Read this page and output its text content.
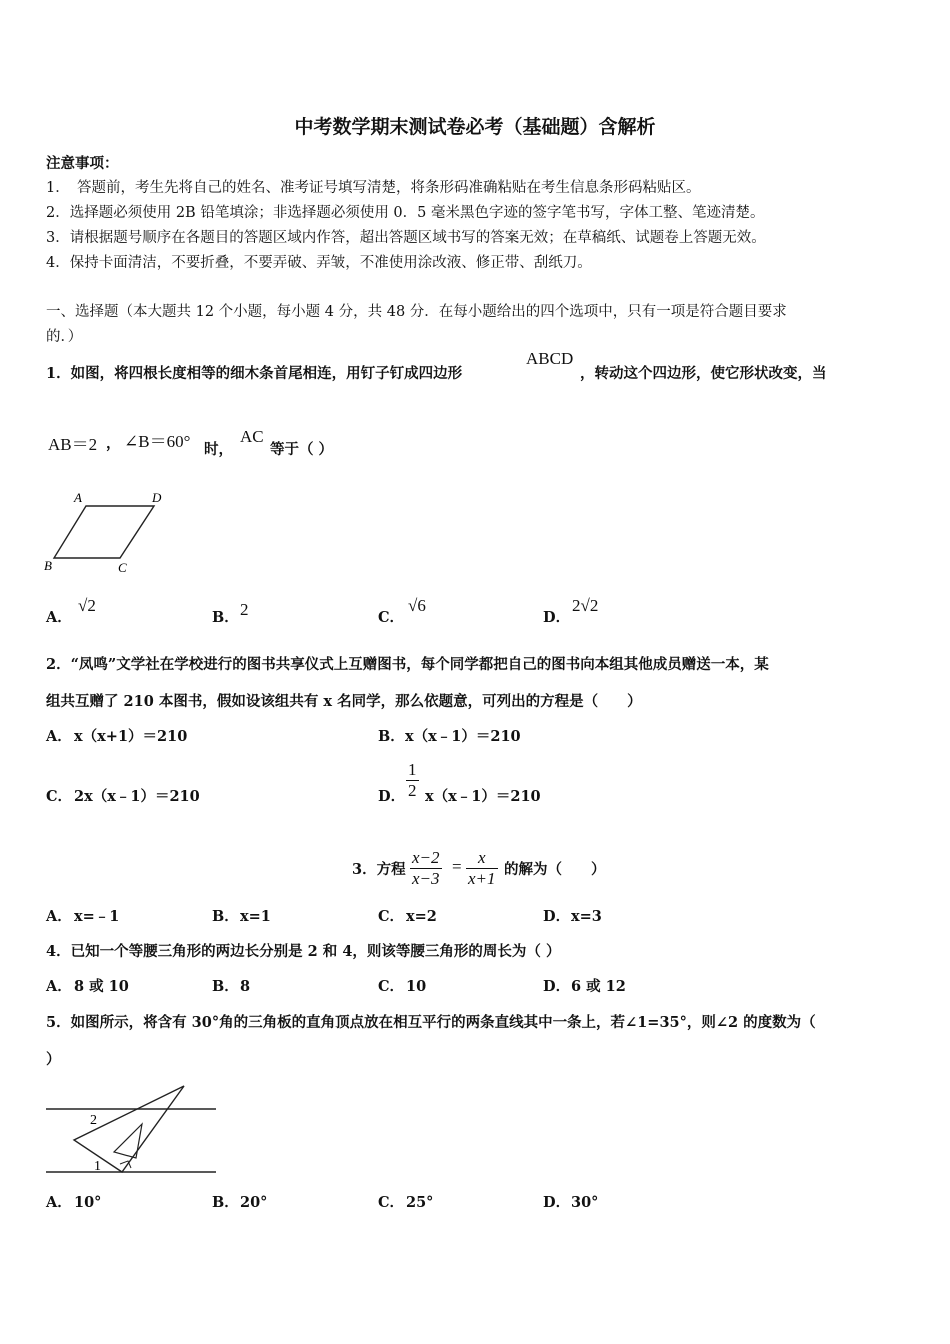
中考数学期末测试卷必考（基础题）含解析
注意事项：
1．　答题前，考生先将自己的姓名、准考证号填写清楚，将条形码准确粘贴在考生信息条形码粘贴区。
2．选择题必须使用 2B 铅笔填涂；非选择题必须使用 0．5 毫米黑色字迹的签字笔书写，字体工整、笔迹清楚。
3．请根据题号顺序在各题目的答题区域内作答，超出答题区域书写的答案无效；在草稿纸、试题卷上答题无效。
4．保持卡面清洁，不要折叠，不要弄破、弄皱，不准使用涂改液、修正带、刮纸刀。
一、选择题（本大题共 12 个小题，每小题 4 分，共 48 分．在每小题给出的四个选项中，只有一项是符合题目要求
的．）
1．如图，将四根长度相等的细木条首尾相连，用钉子钉成四边形
ABCD
，转动这个四边形，使它形状改变，当
AB＝2 ， ∠B＝60° 时，
AC
等于（ ）
A	D
B	C
A．
√2
B． 2	C．
√6
D．
2√2
2．“凤鸣”文学社在学校进行的图书共享仪式上互赠图书，每个同学都把自己的图书向本组其他成员赠送一本，某
组共互赠了 210 本图书，假如设该组共有 x 名同学，那么依题意，可列出的方程是（　　）
A． x（x+1）＝210	B． x（x﹣1）＝210
C． 2x（x﹣1）＝210	D． $\frac{1}{2}$ x（x﹣1）＝210
3．方程 $\frac{x-2}{x-3} = \frac{x}{x+1}$ 的解为（　　）
A． x=﹣1	B． x=1	C． x=2	D． x=3
4．已知一个等腰三角形的两边长分别是 2 和 4，则该等腰三角形的周长为（ ）
A． 8 或 10	B． 8	C． 10	D． 6 或 12
5．如图所示，将含有 30°角的三角板的直角顶点放在相互平行的两条直线其中一条上，若∠1=35°，则∠2 的度数为（
）
2
1
A． 10°	B． 20°	C． 25°	D． 30°
